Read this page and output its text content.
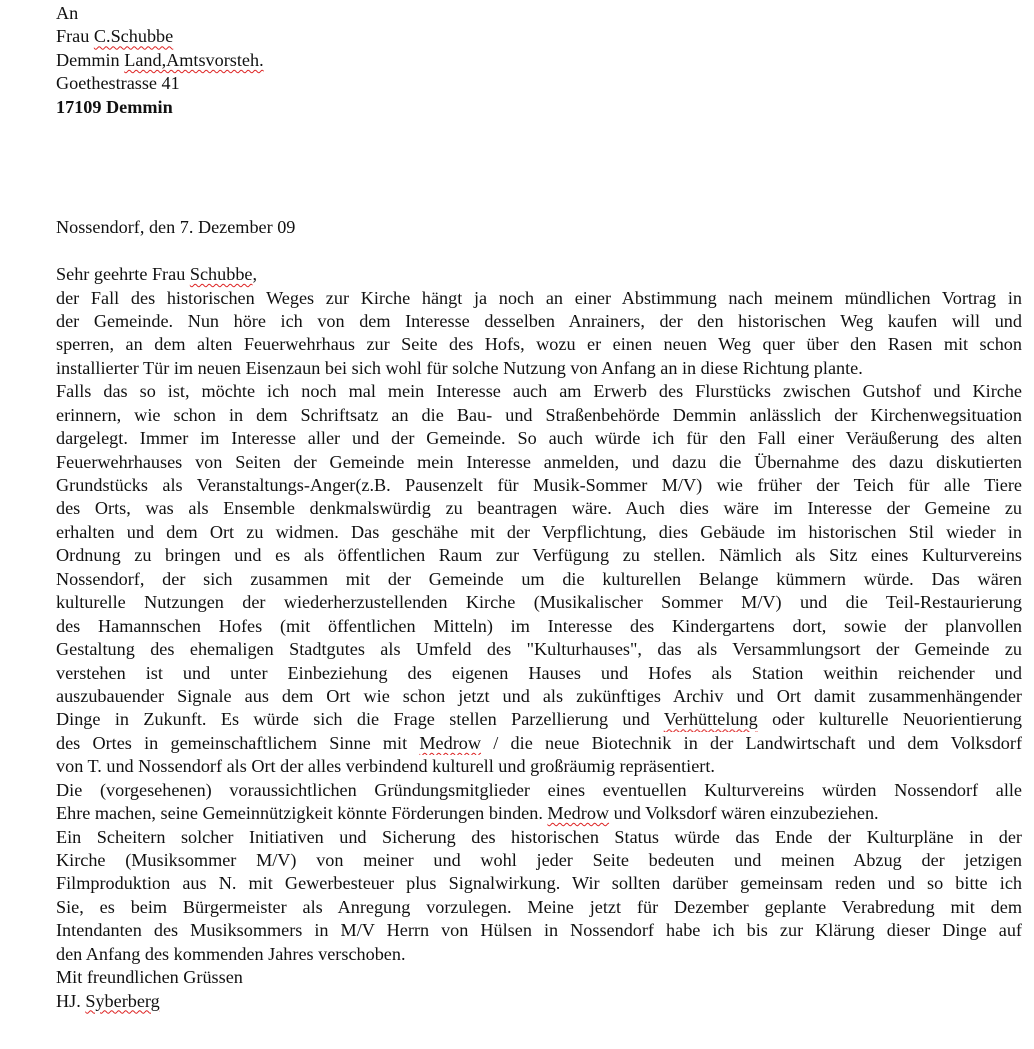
An
Frau C.Schubbe
Demmin Land,Amtsvorsteh.
Goethestrasse 41
17109 Demmin
Nossendorf, den 7. Dezember 09
Sehr geehrte Frau Schubbe,
der Fall des historischen Weges zur Kirche hängt ja noch an einer Abstimmung nach meinem mündlichen Vortrag in
der Gemeinde. Nun höre ich von dem Interesse desselben Anrainers, der den historischen Weg kaufen will und
sperren, an dem alten Feuerwehrhaus zur Seite des Hofs, wozu er einen neuen Weg quer über den Rasen mit schon
installierter Tür im neuen Eisenzaun bei sich wohl für solche Nutzung von Anfang an in diese Richtung plante.
Falls das so ist, möchte ich noch mal mein Interesse auch am Erwerb des Flurstücks zwischen Gutshof und Kirche
erinnern, wie schon in dem Schriftsatz an die Bau- und Straßenbehörde Demmin anlässlich der Kirchenwegsituation
dargelegt. Immer im Interesse aller und der Gemeinde. So auch würde ich für den Fall einer Veräußerung des alten
Feuerwehrhauses von Seiten der Gemeinde mein Interesse anmelden, und dazu die Übernahme des dazu diskutierten
Grundstücks als Veranstaltungs-Anger(z.B. Pausenzelt für Musik-Sommer M/V) wie früher der Teich für alle Tiere
des Orts, was als Ensemble denkmalswürdig zu beantragen wäre. Auch dies wäre im Interesse der Gemeine zu
erhalten und dem Ort zu widmen. Das geschähe mit der Verpflichtung, dies Gebäude im historischen Stil wieder in
Ordnung zu bringen und es als öffentlichen Raum zur Verfügung zu stellen. Nämlich als Sitz eines Kulturvereins
Nossendorf, der sich zusammen mit der Gemeinde um die kulturellen Belange kümmern würde. Das wären
kulturelle Nutzungen der wiederherzustellenden Kirche (Musikalischer Sommer M/V) und die Teil-Restaurierung
des Hamannschen Hofes (mit öffentlichen Mitteln) im Interesse des Kindergartens dort, sowie der planvollen
Gestaltung des ehemaligen Stadtgutes als Umfeld des "Kulturhauses", das als Versammlungsort der Gemeinde zu
verstehen ist und unter Einbeziehung des eigenen Hauses und Hofes als Station weithin reichender und
auszubauender Signale aus dem Ort wie schon jetzt und als zukünftiges Archiv und Ort damit zusammenhängender
Dinge in Zukunft. Es würde sich die Frage stellen Parzellierung und Verhüttelung oder kulturelle Neuorientierung
des Ortes in gemeinschaftlichem Sinne mit Medrow / die neue Biotechnik in der Landwirtschaft und dem Volksdorf
von T. und Nossendorf als Ort der alles verbindend kulturell und großräumig repräsentiert.
Die (vorgesehenen) voraussichtlichen Gründungsmitglieder eines eventuellen Kulturvereins würden Nossendorf alle
Ehre machen, seine Gemeinnützigkeit könnte Förderungen binden. Medrow und Volksdorf wären einzubeziehen.
Ein Scheitern solcher Initiativen und Sicherung des historischen Status würde das Ende der Kulturpläne in der
Kirche (Musiksommer M/V) von meiner und wohl jeder Seite bedeuten und meinen Abzug der jetzigen
Filmproduktion aus N. mit Gewerbesteuer plus Signalwirkung. Wir sollten darüber gemeinsam reden und so bitte ich
Sie, es beim Bürgermeister als Anregung vorzulegen. Meine jetzt für Dezember geplante Verabredung mit dem
Intendanten des Musiksommers in M/V Herrn von Hülsen in Nossendorf habe ich bis zur Klärung dieser Dinge auf
den Anfang des kommenden Jahres verschoben.
Mit freundlichen Grüssen
HJ. Syberberg
